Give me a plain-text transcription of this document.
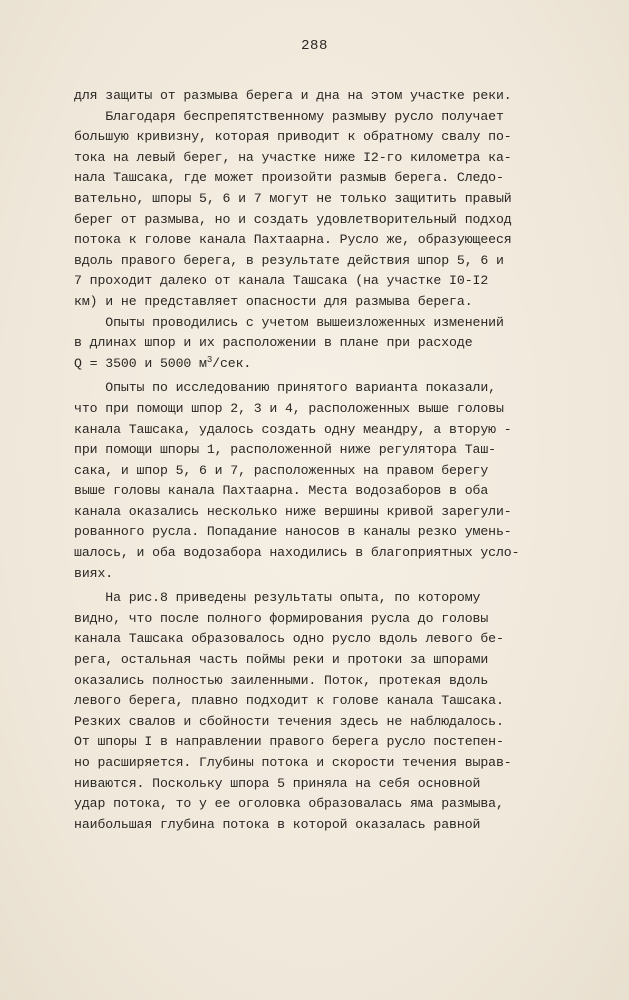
288
для защиты от размыва берега и дна на этом участке реки.
Благодаря беспрепятственному размыву русло получает
большую кривизну, которая приводит к обратному свалу по-
тока на левый берег, на участке ниже I2-го километра ка-
нала Ташсака, где может произойти размыв берега. Следо-
вательно, шпоры 5, 6 и 7 могут не только защитить правый
берег от размыва, но и создать удовлетворительный подход
потока к голове канала Пахтаарна. Русло же, образующееся
вдоль правого берега, в результате действия шпор 5, 6 и
7 проходит далеко от канала Ташсака (на участке I0-I2
км) и не представляет опасности для размыва берега.
Опыты проводились с учетом вышеизложенных изменений
в длинах шпор и их расположении в плане при расходе
Q = 3500 и 5000 $м^3$/сек.
Опыты по исследованию принятого варианта показали,
что при помощи шпор 2, 3 и 4, расположенных выше головы
канала Ташсака, удалось создать одну меандру, а вторую -
при помощи шпоры 1, расположенной ниже регулятора Таш-
сака, и шпор 5, 6 и 7, расположенных на правом берегу
выше головы канала Пахтаарна. Места водозаборов в оба
канала оказались несколько ниже вершины кривой зарегули-
рованного русла. Попадание наносов в каналы резко умень-
шалось, и оба водозабора находились в благоприятных усло-
виях.
На рис.8 приведены результаты опыта, по которому
видно, что после полного формирования русла до головы
канала Ташсака образовалось одно русло вдоль левого бе-
рега, остальная часть поймы реки и протоки за шпорами
оказались полностью заиленными. Поток, протекая вдоль
левого берега, плавно подходит к голове канала Ташсака.
Резких свалов и сбойности течения здесь не наблюдалось.
От шпоры I в направлении правого берега русло постепен-
но расширяется. Глубины потока и скорости течения вырав-
ниваются. Поскольку шпора 5 приняла на себя основной
удар потока, то у ее оголовка образовалась яма размыва,
наибольшая глубина потока в которой оказалась равной
